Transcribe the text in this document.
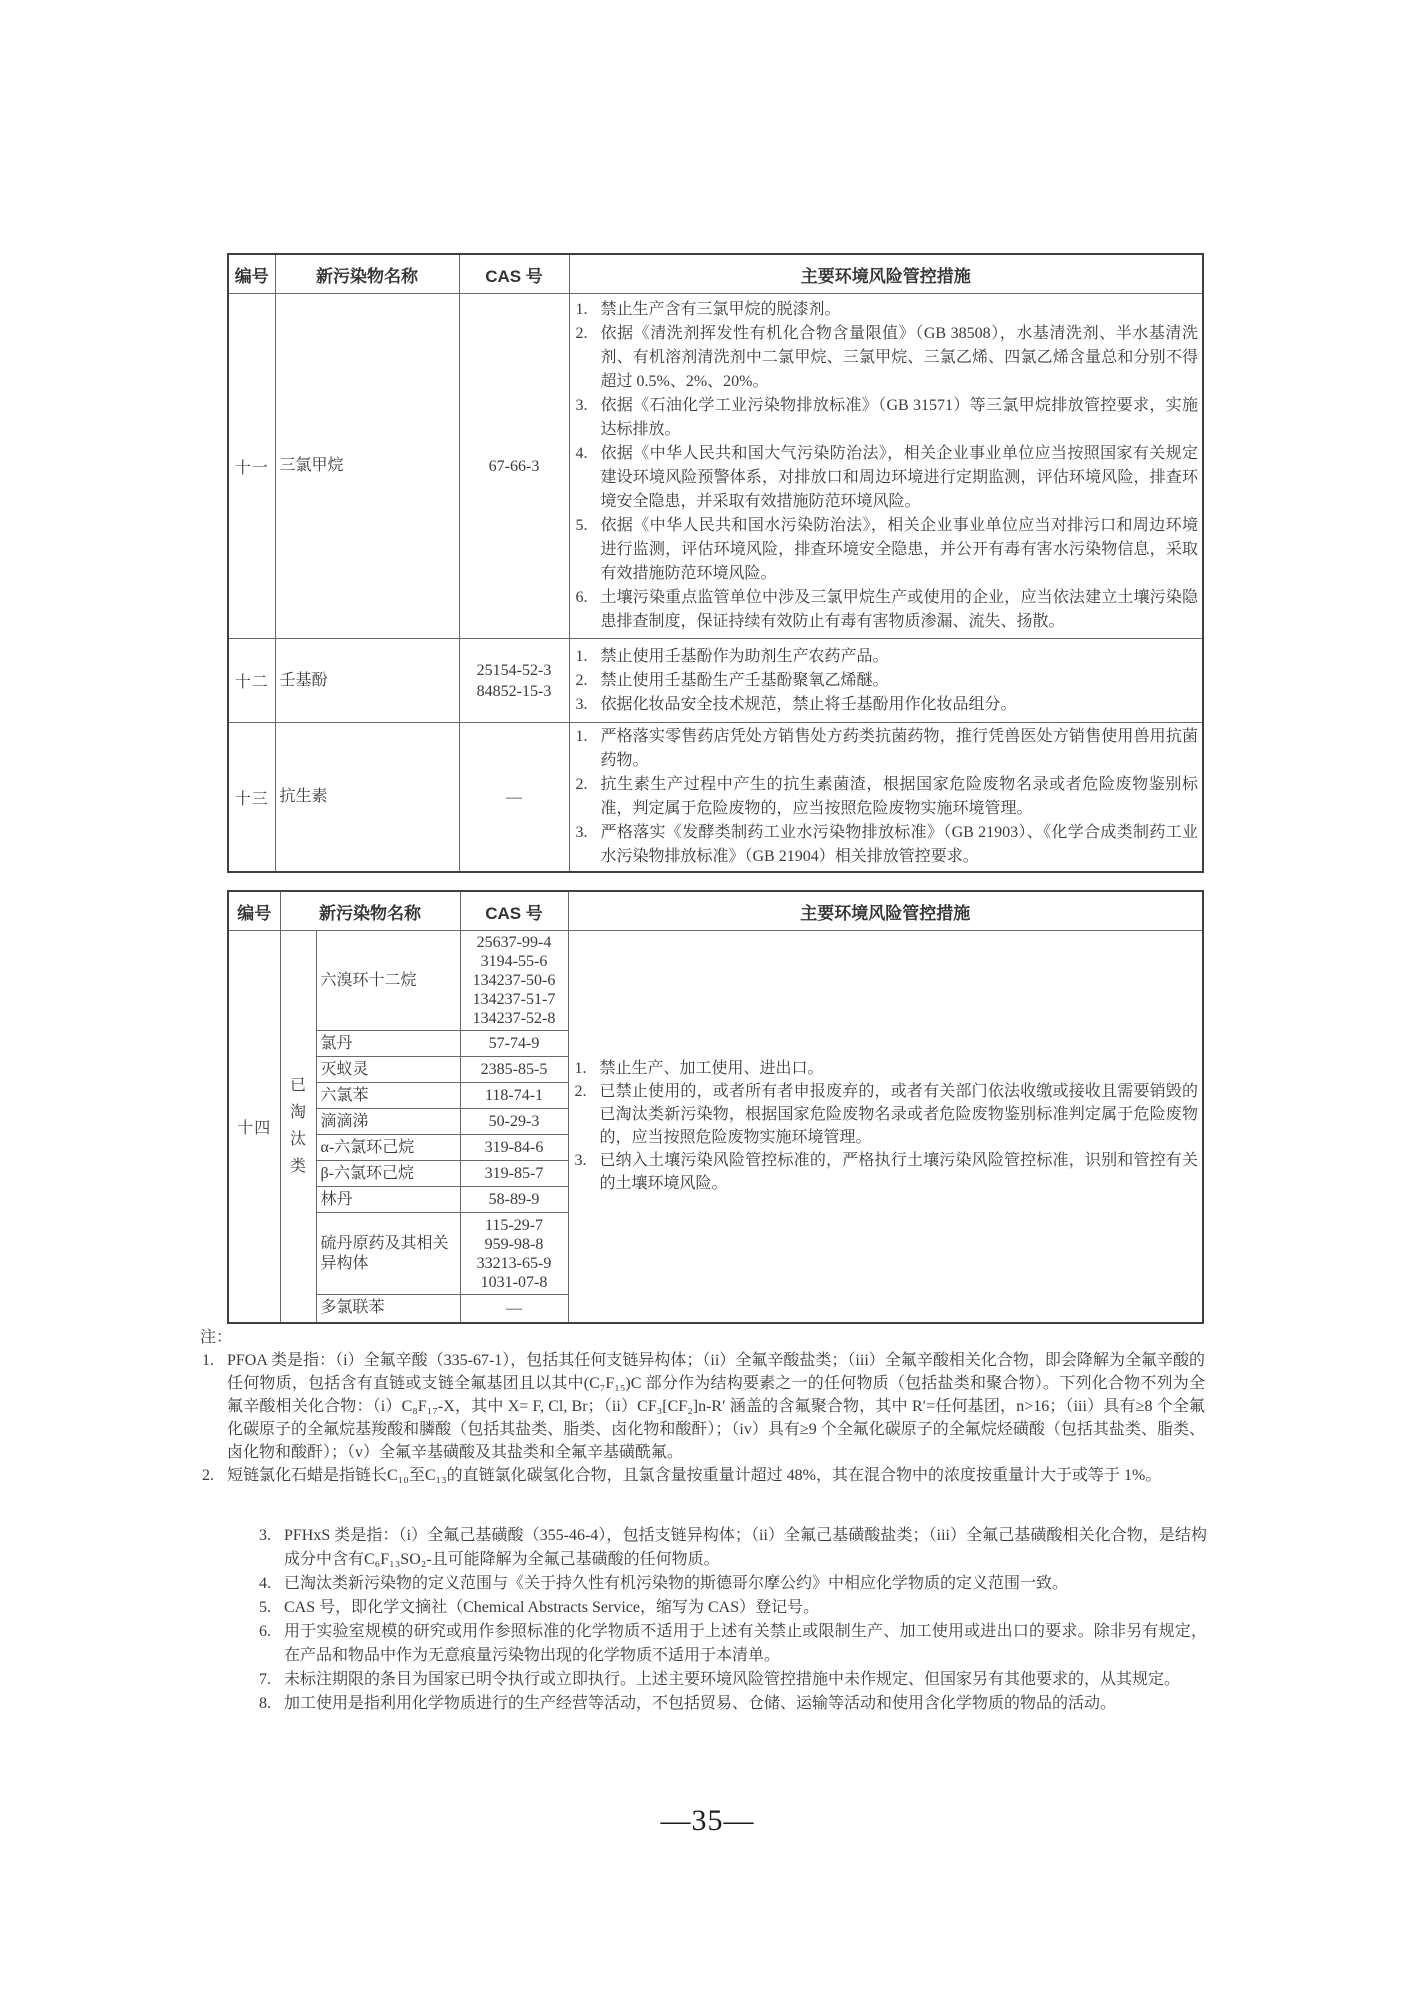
编号	新污染物名称	CAS 号	主要环境风险管控措施
十一	三氯甲烷	67-66-3

禁止生产含有三氯甲烷的脱漆剂。
依据《清洗剂挥发性有机化合物含量限值》（GB 38508），水基清洗剂、半水基清洗剂、有机溶剂清洗剂中二氯甲烷、三氯甲烷、三氯乙烯、四氯乙烯含量总和分别不得超过 0.5%、2%、20%。
依据《石油化学工业污染物排放标准》（GB 31571）等三氯甲烷排放管控要求，实施达标排放。
依据《中华人民共和国大气污染防治法》，相关企业事业单位应当按照国家有关规定建设环境风险预警体系，对排放口和周边环境进行定期监测，评估环境风险，排查环境安全隐患，并采取有效措施防范环境风险。
依据《中华人民共和国水污染防治法》，相关企业事业单位应当对排污口和周边环境进行监测，评估环境风险，排查环境安全隐患，并公开有毒有害水污染物信息，采取有效措施防范环境风险。
土壤污染重点监管单位中涉及三氯甲烷生产或使用的企业，应当依法建立土壤污染隐患排查制度，保证持续有效防止有毒有害物质渗漏、流失、扬散。

十二	壬基酚	
25154-52-3
84852-15-3

禁止使用壬基酚作为助剂生产农药产品。
禁止使用壬基酚生产壬基酚聚氧乙烯醚。
依据化妆品安全技术规范，禁止将壬基酚用作化妆品组分。

十三	抗生素	—

严格落实零售药店凭处方销售处方药类抗菌药物，推行凭兽医处方销售使用兽用抗菌药物。
抗生素生产过程中产生的抗生素菌渣，根据国家危险废物名录或者危险废物鉴别标准，判定属于危险废物的，应当按照危险废物实施环境管理。
严格落实《发酵类制药工业水污染物排放标准》（GB 21903）、《化学合成类制药工业水污染物排放标准》（GB 21904）相关排放管控要求。
编号	新污染物名称		CAS 号	主要环境风险管控措施
十四	
已淘汰类
	六溴环十二烷	
25637-99-4
3194-55-6
134237-50-6
134237-51-7
134237-52-8

禁止生产、加工使用、进出口。
已禁止使用的，或者所有者申报废弃的，或者有关部门依法收缴或接收且需要销毁的已淘汰类新污染物，根据国家危险废物名录或者危险废物鉴别标准判定属于危险废物的，应当按照危险废物实施环境管理。
已纳入土壤污染风险管控标准的，严格执行土壤污染风险管控标准，识别和管控有关的土壤环境风险。

		氯丹	57-74-9	

		灭蚁灵	2385-85-5	

		六氯苯	118-74-1	

		滴滴涕	50-29-3	

		α-六氯环己烷	319-84-6	

		β-六氯环己烷	319-85-7	

		林丹	58-89-9	

		硫丹原药及其相关异构体	115-29-7
959-98-8
33213-65-9
1031-07-8	

		多氯联苯	—	
注：
1. PFOA 类是指：（i）全氟辛酸（335-67-1），包括其任何支链异构体；（ii）全氟辛酸盐类；（iii）全氟辛酸相关化合物，即会降解为全氟辛酸的任何物质，包括含有直链或支链全氟基团且以其中(C₇F₁₅)C 部分作为结构要素之一的任何物质（包括盐类和聚合物）。下列化合物不列为全氟辛酸相关化合物：（i）C₈F₁₇-X，其中 X= F, Cl, Br；（ii）CF₃[CF₂]n-R′ 涵盖的含氟聚合物，其中 R′=任何基团，n>16；（iii）具有≥8 个全氟化碳原子的全氟烷基羧酸和膦酸（包括其盐类、脂类、卤化物和酸酐）；（iv）具有≥9 个全氟化碳原子的全氟烷烃磺酸（包括其盐类、脂类、卤化物和酸酐）；（v）全氟辛基磺酸及其盐类和全氟辛基磺酰氟。
2. 短链氯化石蜡是指链长C₁₀至C₁₃的直链氯化碳氢化合物，且氯含量按重量计超过 48%，其在混合物中的浓度按重量计大于或等于 1%。
3. PFHxS 类是指：（i）全氟己基磺酸（355-46-4），包括支链异构体；（ii）全氟己基磺酸盐类；（iii）全氟己基磺酸相关化合物，是结构成分中含有C₆F₁₃SO₂-且可能降解为全氟己基磺酸的任何物质。
4. 已淘汰类新污染物的定义范围与《关于持久性有机污染物的斯德哥尔摩公约》中相应化学物质的定义范围一致。
5. CAS 号，即化学文摘社（Chemical Abstracts Service，缩写为 CAS）登记号。
6. 用于实验室规模的研究或用作参照标准的化学物质不适用于上述有关禁止或限制生产、加工使用或进出口的要求。除非另有规定，在产品和物品中作为无意痕量污染物出现的化学物质不适用于本清单。
7. 未标注期限的条目为国家已明令执行或立即执行。上述主要环境风险管控措施中未作规定、但国家另有其他要求的，从其规定。
8. 加工使用是指利用化学物质进行的生产经营等活动，不包括贸易、仓储、运输等活动和使用含化学物质的物品的活动。
—35—
